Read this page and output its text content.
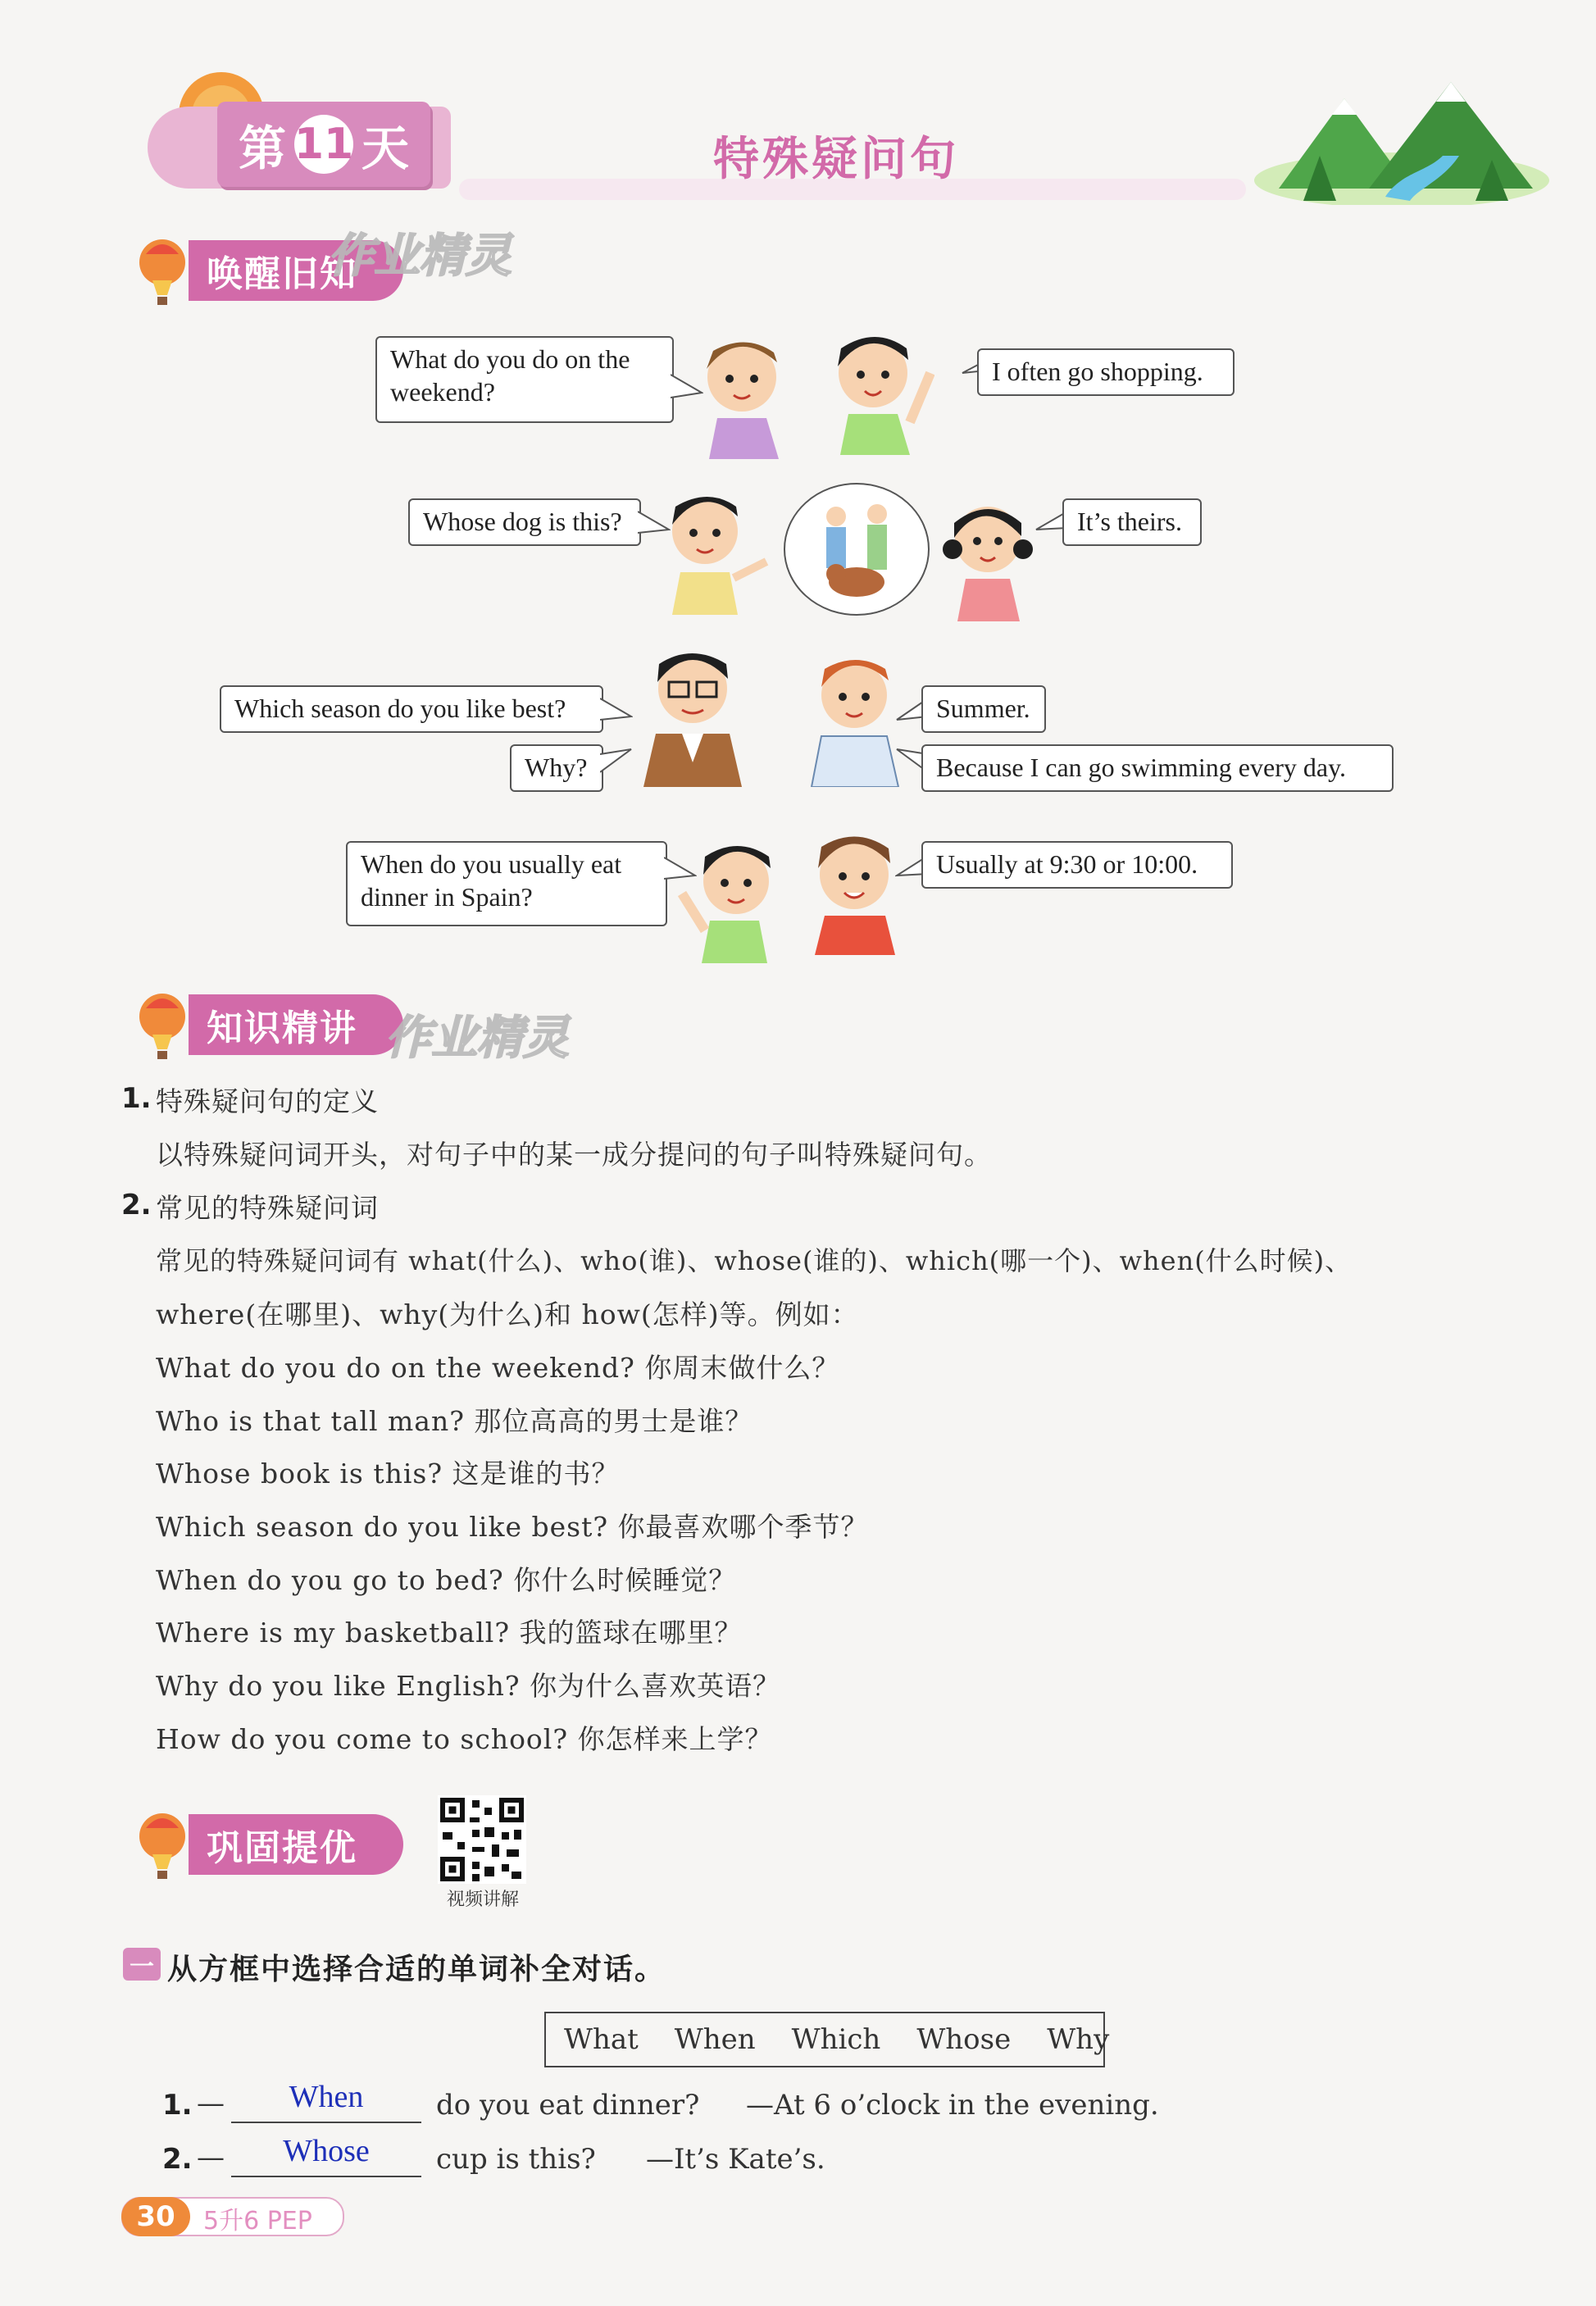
第 11 天	特殊疑问句
唤醒旧知
作业精灵
What do you do on the weekend?
I often go shopping.
Whose dog is this?	It’s theirs.
Which season do you like best?
Why?
Summer.
Because I can go swimming every day.
When do you usually eat dinner in Spain?
Usually at 9:30 or 10:00.
知识精讲 作业精灵
1. 特殊疑问句的定义
以特殊疑问词开头，对句子中的某一成分提问的句子叫特殊疑问句。
2. 常见的特殊疑问词
常见的特殊疑问词有 what(什么)、who(谁)、whose(谁的)、which(哪一个)、when(什么时候)、
where(在哪里)、why(为什么)和 how(怎样)等。例如：
What do you do on the weekend? 你周末做什么？
Who is that tall man? 那位高高的男士是谁？
Whose book is this? 这是谁的书？
Which season do you like best? 你最喜欢哪个季节？
When do you go to bed? 你什么时候睡觉？
Where is my basketball? 我的篮球在哪里？
Why do you like English? 你为什么喜欢英语？
How do you come to school? 你怎样来上学？
巩固提优
视频讲解
一 从方框中选择合适的单词补全对话。
What When Which Whose Why
1. —	When	do you eat dinner? —At 6 o’clock in the evening.
2. —	Whose	cup is this? —It’s Kate’s.
30	5升6 PEP
